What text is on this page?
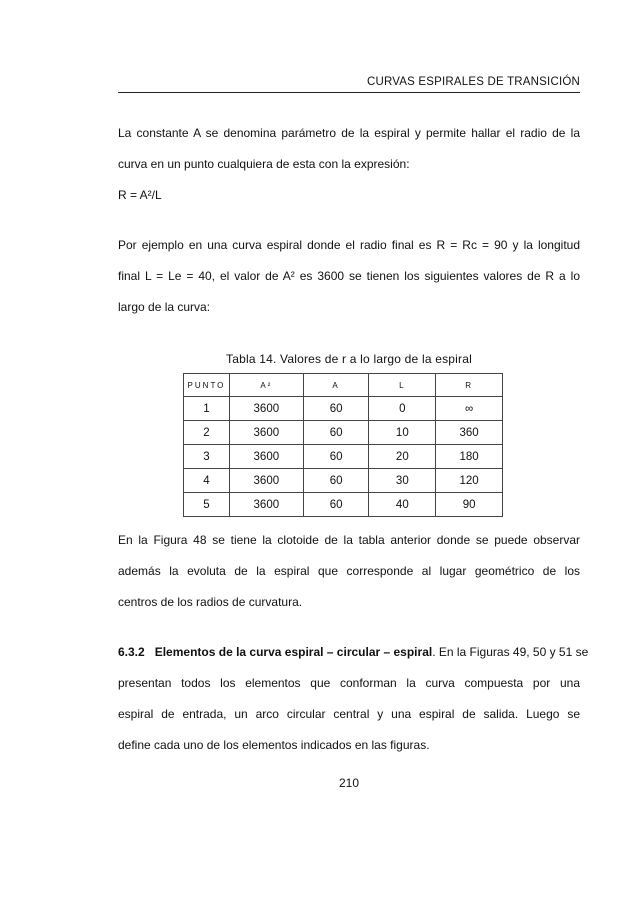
CURVAS ESPIRALES DE TRANSICIÓN
La constante A se denomina parámetro de la espiral y permite hallar el radio de la
curva en un punto cualquiera de esta con la expresión:
R = A²/L
Por ejemplo en una curva espiral donde el radio final es R = Rc = 90 y la longitud
final L = Le = 40, el valor de A² es 3600 se tienen los siguientes valores de R a lo
largo de la curva:
Tabla 14. Valores de r a lo largo de la espiral
PUNTO	A²	A	L	R
1	3600	60	0	∞
2	3600	60	10	360
3	3600	60	20	180
4	3600	60	30	120
5	3600	60	40	90
En la Figura 48 se tiene la clotoide de la tabla anterior donde se puede observar
además la evoluta de la espiral que corresponde al lugar geométrico de los
centros de los radios de curvatura.
6.3.2 Elementos de la curva espiral – circular – espiral. En la Figuras 49, 50 y 51 se
presentan todos los elementos que conforman la curva compuesta por una
espiral de entrada, un arco circular central y una espiral de salida. Luego se
define cada uno de los elementos indicados en las figuras.
210
